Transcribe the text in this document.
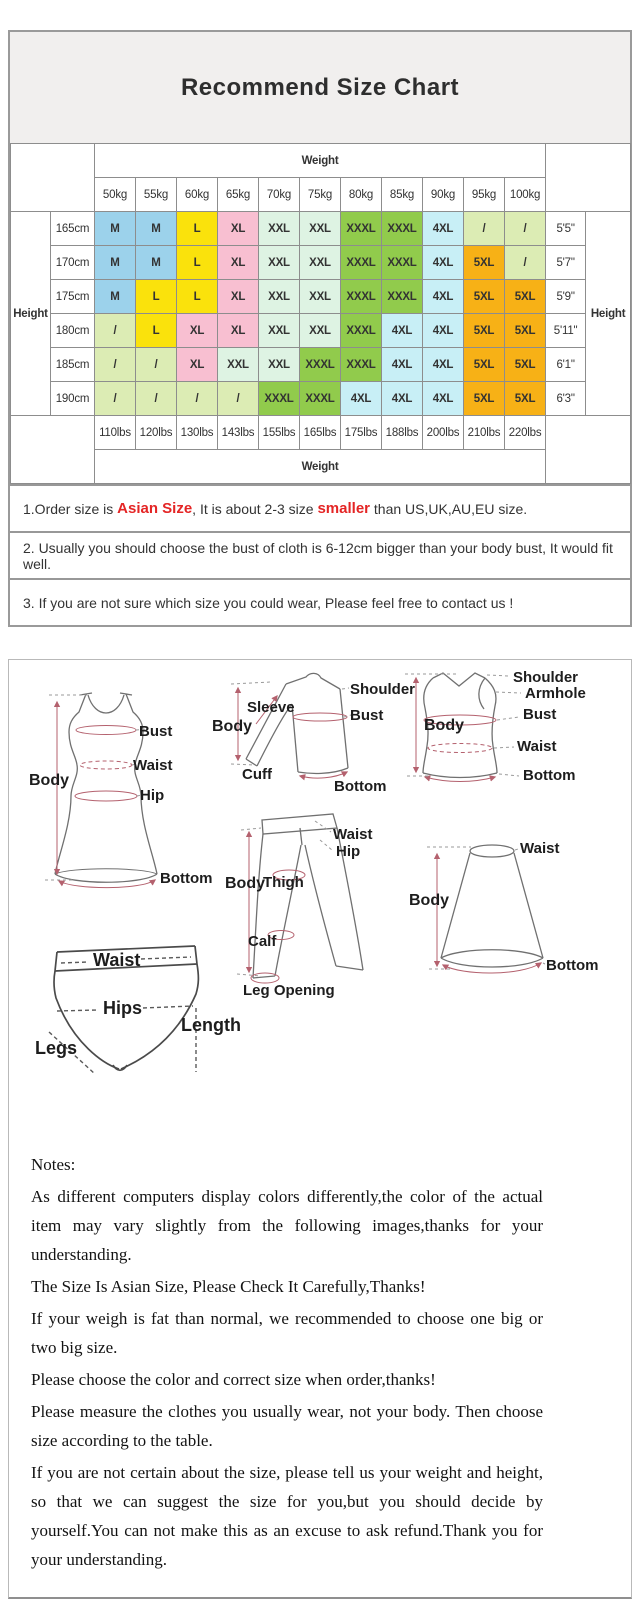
Recommend Size Chart
		Weight												
		50kg	55kg	60kg	65kg	70kg	75kg	80kg	85kg	90kg	95kg	100kg		
Height	165cm	M	M	L	XL	XXL	XXL	XXXL	XXXL	4XL	/	/	5'5"	Height
	170cm	M	M	L	XL	XXL	XXL	XXXL	XXXL	4XL	5XL	/	5'7"	
	175cm	M	L	L	XL	XXL	XXL	XXXL	XXXL	4XL	5XL	5XL	5'9"	
	180cm	/	L	XL	XL	XXL	XXL	XXXL	4XL	4XL	5XL	5XL	5'11"	
	185cm	/	/	XL	XXL	XXL	XXXL	XXXL	4XL	4XL	5XL	5XL	6'1"	
	190cm	/	/	/	/	XXXL	XXXL	4XL	4XL	4XL	5XL	5XL	6'3"	
		110lbs	120lbs	130lbs	143lbs	155lbs	165lbs	175lbs	188lbs	200lbs	210lbs	220lbs		
		Weight												
1.Order size is Asian Size , It is about 2-3 size smaller than US,UK,AU,EU size.
2. Usually you should choose the bust of cloth is 6-12cm bigger than your body bust, It would fit well.
3. If you are not sure which size you could wear, Please feel free to contact us !
Bust
Waist
Hip
Body
Bottom
Sleeve
Body
Cuff
Shoulder
Bust
Bottom
Shoulder
Armhole
Body
Bust
Waist
Bottom
Waist
Hip
Body
Thigh
Calf
Leg Opening
Waist
Body
Bottom
Waist
Hips
Legs
Length

Notes:

As different computers display colors differently,the color of the actual item may vary slightly from the following images,thanks for your understanding.

The Size Is Asian Size, Please Check It Carefully,Thanks!

If your weigh is fat than normal, we recommended to choose one big or two big size.

Please choose the color and correct size when order,thanks!

Please measure the clothes you usually wear, not your body. Then choose size according to the table.

If you are not certain about the size, please tell us your weight and height, so that we can suggest the size for you,but you should decide by yourself.You can not make this as an excuse to ask refund.Thank you for your understanding.
